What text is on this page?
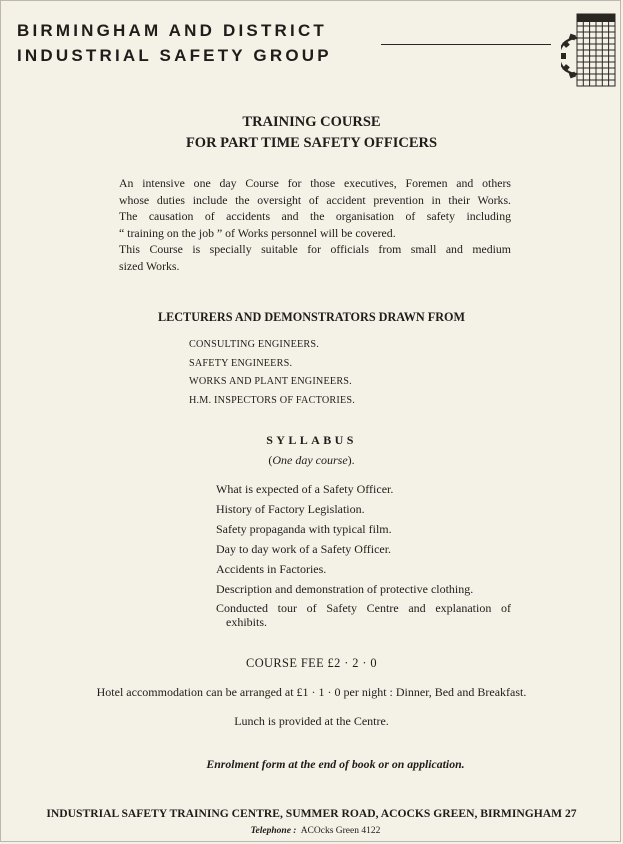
BIRMINGHAM AND DISTRICT
INDUSTRIAL SAFETY GROUP
TRAINING COURSE
FOR PART TIME SAFETY OFFICERS
An intensive one day Course for those executives, Foremen and others
whose duties include the oversight of accident prevention in their Works.
The causation of accidents and the organisation of safety including
“ training on the job ” of Works personnel will be covered.
This Course is specially suitable for officials from small and medium
sized Works.
LECTURERS AND DEMONSTRATORS DRAWN FROM
CONSULTING ENGINEERS.
SAFETY ENGINEERS.
WORKS AND PLANT ENGINEERS.
H.M. INSPECTORS OF FACTORIES.
SYLLABUS
(One day course).
What is expected of a Safety Officer.
History of Factory Legislation.
Safety propaganda with typical film.
Day to day work of a Safety Officer.
Accidents in Factories.
Description and demonstration of protective clothing.
Conducted tour of Safety Centre and explanation of
exhibits.
COURSE FEE £2 · 2 · 0
Hotel accommodation can be arranged at £1 · 1 · 0 per night : Dinner, Bed and Breakfast.
Lunch is provided at the Centre.
Enrolment form at the end of book or on application.
INDUSTRIAL SAFETY TRAINING CENTRE, SUMMER ROAD, ACOCKS GREEN, BIRMINGHAM 27
Telephone : ACOcks Green 4122
